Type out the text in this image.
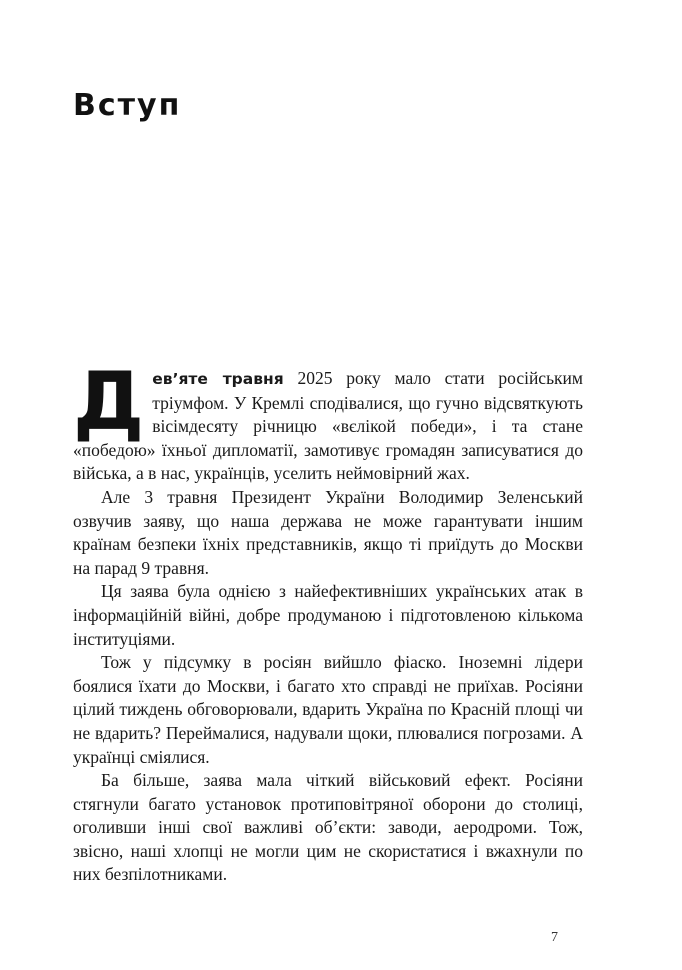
Вступ

Дев’яте травня 2025 року мало стати російським тріумфом. У Кремлі сподівалися, що гучно відсвяткують вісімдесяту річницю «вєлікой победи», і та стане «победою» їхньої дипломатії, замотивує громадян записуватися до війська, а в нас, українців, уселить неймовірний жах.

Але 3 травня Президент України Володимир Зеленський озвучив заяву, що наша держава не може гарантувати іншим країнам безпеки їхніх представників, якщо ті приїдуть до Москви на парад 9 травня.

Ця заява була однією з найефективніших українських атак в інформаційній війні, добре продуманою і підготовленою кількома інституціями.

Тож у підсумку в росіян вийшло фіаско. Іноземні лідери боялися їхати до Москви, і багато хто справді не приїхав. Росіяни цілий тиждень обговорювали, вдарить Україна по Красній площі чи не вдарить? Переймалися, надували щоки, плювалися погрозами. А українці сміялися.

Ба більше, заява мала чіткий військовий ефект. Росіяни стягнули багато установок протиповітряної оборони до столиці, оголивши інші свої важливі об’єкти: заводи, аеродроми. Тож, звісно, наші хлопці не могли цим не скористатися і вжахнули по них безпілотниками.

7
